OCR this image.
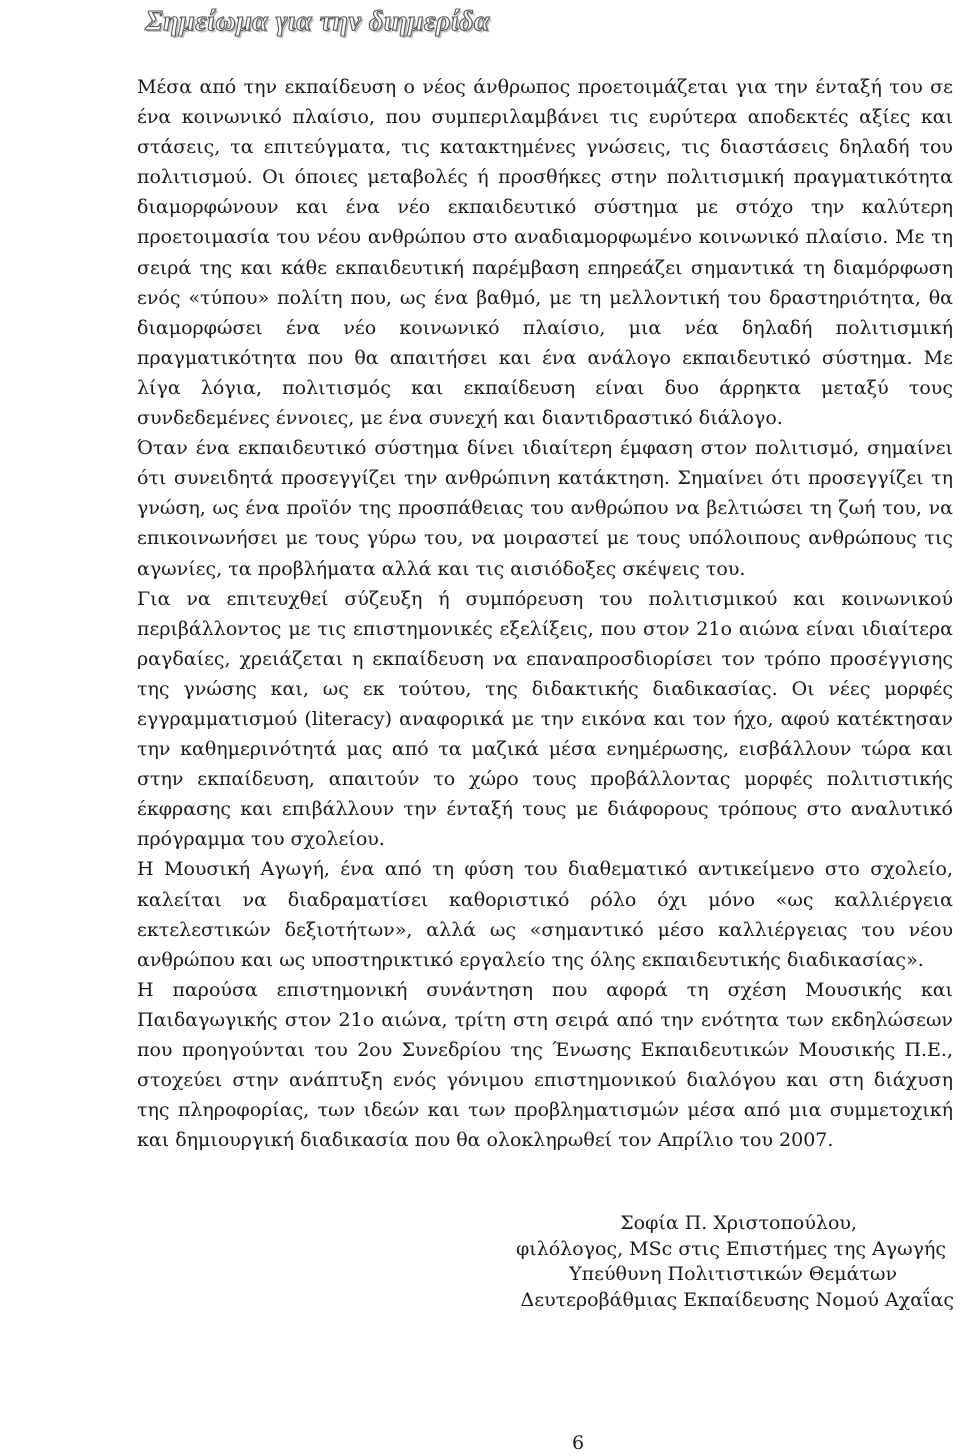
Σημείωμα για την διημερίδα

Μέσα από την εκπαίδευση ο νέος άνθρωπος προετοιμάζεται για την ένταξή του σε ένα κοινωνικό πλαίσιο, που συμπεριλαμβάνει τις ευρύτερα αποδεκτές αξίες και στάσεις, τα επιτεύγματα, τις κατακτημένες γνώσεις, τις διαστάσεις δηλαδή του πολιτισμού. Οι όποιες μεταβολές ή προσθήκες στην πολιτισμική πραγματικότητα διαμορφώνουν και ένα νέο εκπαιδευτικό σύστημα με στόχο την καλύτερη προετοιμασία του νέου ανθρώπου στο αναδιαμορφωμένο κοινωνικό πλαίσιο. Με τη σειρά της και κάθε εκπαιδευτική παρέμβαση επηρεάζει σημαντικά τη διαμόρφωση ενός «τύπου» πολίτη που, ως ένα βαθμό, με τη μελλοντική του δραστηριότητα, θα διαμορφώσει ένα νέο κοινωνικό πλαίσιο, μια νέα δηλαδή πολιτισμική πραγματικότητα που θα απαιτήσει και ένα ανάλογο εκπαιδευτικό σύστημα. Με λίγα λόγια, πολιτισμός και εκπαίδευση είναι δυο άρρηκτα μεταξύ τους συνδεδεμένες έννοιες, με ένα συνεχή και διαντιδραστικό διάλογο.

Όταν ένα εκπαιδευτικό σύστημα δίνει ιδιαίτερη έμφαση στον πολιτισμό, σημαίνει ότι συνειδητά προσεγγίζει την ανθρώπινη κατάκτηση. Σημαίνει ότι προσεγγίζει τη γνώση, ως ένα προϊόν της προσπάθειας του ανθρώπου να βελτιώσει τη ζωή του, να επικοινωνήσει με τους γύρω του, να μοιραστεί με τους υπόλοιπους ανθρώπους τις αγωνίες, τα προβλήματα αλλά και τις αισιόδοξες σκέψεις του.

Για να επιτευχθεί σύζευξη ή συμπόρευση του πολιτισμικού και κοινωνικού περιβάλλοντος με τις επιστημονικές εξελίξεις, που στον 21ο αιώνα είναι ιδιαίτερα ραγδαίες, χρειάζεται η εκπαίδευση να επαναπροσδιορίσει τον τρόπο προσέγγισης της γνώσης και, ως εκ τούτου, της διδακτικής διαδικασίας. Οι νέες μορφές εγγραμματισμού (literacy) αναφορικά με την εικόνα και τον ήχο, αφού κατέκτησαν την καθημερινότητά μας από τα μαζικά μέσα ενημέρωσης, εισβάλλουν τώρα και στην εκπαίδευση, απαιτούν το χώρο τους προβάλλοντας μορφές πολιτιστικής έκφρασης και επιβάλλουν την ένταξή τους με διάφορους τρόπους στο αναλυτικό πρόγραμμα του σχολείου.

Η Μουσική Αγωγή, ένα από τη φύση του διαθεματικό αντικείμενο στο σχολείο, καλείται να διαδραματίσει καθοριστικό ρόλο όχι μόνο «ως καλλιέργεια εκτελεστικών δεξιοτήτων», αλλά ως «σημαντικό μέσο καλλιέργειας του νέου ανθρώπου και ως υποστηρικτικό εργαλείο της όλης εκπαιδευτικής διαδικασίας».

Η παρούσα επιστημονική συνάντηση που αφορά τη σχέση Μουσικής και Παιδαγωγικής στον 21ο αιώνα, τρίτη στη σειρά από την ενότητα των εκδηλώσεων που προηγούνται του 2ου Συνεδρίου της Ένωσης Εκπαιδευτικών Μουσικής Π.Ε., στοχεύει στην ανάπτυξη ενός γόνιμου επιστημονικού διαλόγου και στη διάχυση της πληροφορίας, των ιδεών και των προβληματισμών μέσα από μια συμμετοχική και δημιουργική διαδικασία που θα ολοκληρωθεί τον Απρίλιο του 2007.

Σοφία Π. Χριστοπούλου,
φιλόλογος, MSc στις Επιστήμες της Αγωγής
Υπεύθυνη Πολιτιστικών Θεμάτων
Δευτεροβάθμιας Εκπαίδευσης Νομού Αχαΐας
6
